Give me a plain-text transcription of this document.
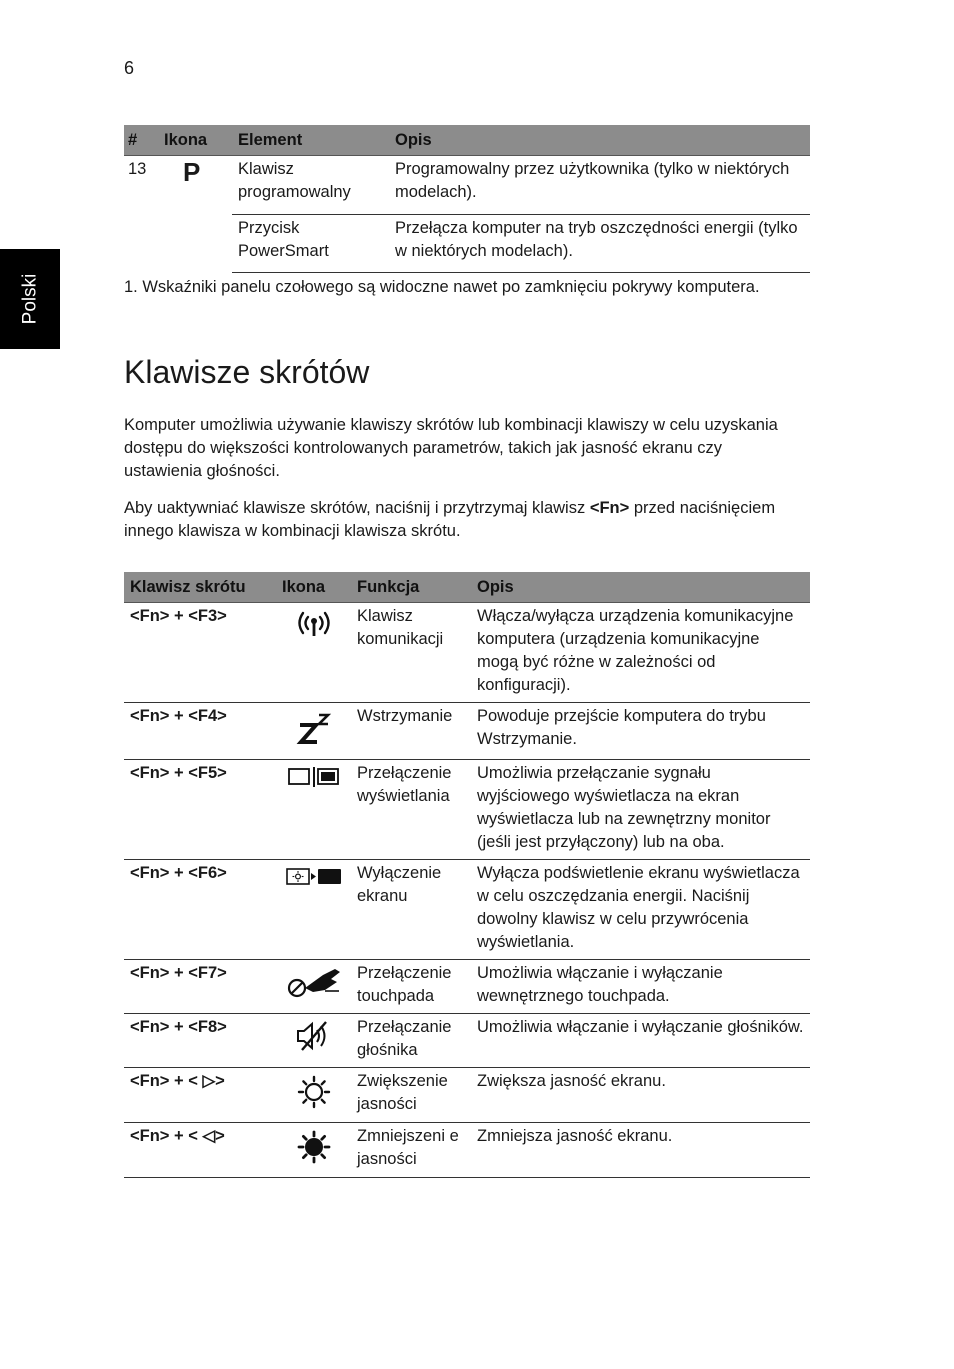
6
Polski
#	Ikona	Element	Opis
13	P	Klawisz programowalny	Programowalny przez użytkownika (tylko w niektórych modelach).
		Przycisk PowerSmart	Przełącza komputer na tryb oszczędności energii (tylko w niektórych modelach).
1. Wskaźniki panelu czołowego są widoczne nawet po zamknięciu pokrywy komputera.
Klawisze skrótów

Komputer umożliwia używanie klawiszy skrótów lub kombinacji klawiszy w celu uzyskania dostępu do większości kontrolowanych parametrów, takich jak jasność ekranu czy ustawienia głośności.

Aby uaktywniać klawisze skrótów, naciśnij i przytrzymaj klawisz <Fn> przed naciśnięciem innego klawisza w kombinacji klawisza skrótu.

Klawisz skrótu	Ikona	Funkcja	Opis
<Fn> + <F3>		Klawisz komunikacji	Włącza/wyłącza urządzenia komunikacyjne komputera (urządzenia komunikacyjne mogą być różne w zależności od konfiguracji).
<Fn> + <F4>		Wstrzymanie	Powoduje przejście komputera do trybu Wstrzymanie.
<Fn> + <F5>		Przełączenie wyświetlania	Umożliwia przełączanie sygnału wyjściowego wyświetlacza na ekran wyświetlacza lub na zewnętrzny monitor (jeśli jest przyłączony) lub na oba.
<Fn> + <F6>		Wyłączenie ekranu	Wyłącza podświetlenie ekranu wyświetlacza w celu oszczędzania energii. Naciśnij dowolny klawisz w celu przywrócenia wyświetlania.
<Fn> + <F7>		Przełączenie touchpada	Umożliwia włączanie i wyłączanie wewnętrznego touchpada.
<Fn> + <F8>		Przełączanie głośnika	Umożliwia włączanie i wyłączanie głośników.
<Fn> + < ▷>		Zwiększenie jasności	Zwiększa jasność ekranu.
<Fn> + < ◁>		Zmniejszeni e jasności	Zmniejsza jasność ekranu.
